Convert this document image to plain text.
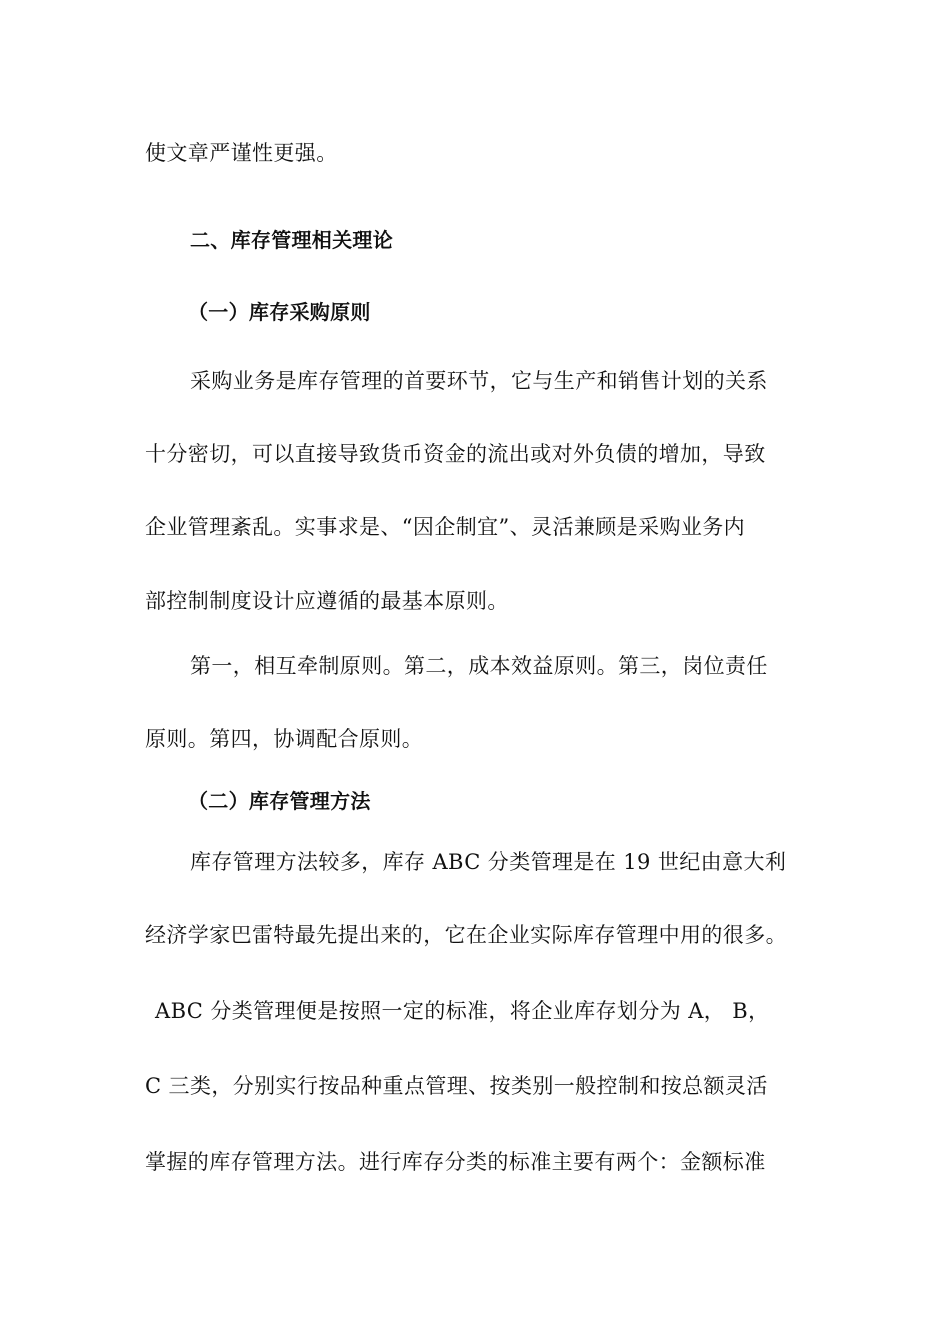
使文章严谨性更强。
二、库存管理相关理论
（一）库存采购原则
采购业务是库存管理的首要环节，它与生产和销售计划的关系
十分密切，可以直接导致货币资金的流出或对外负债的增加，导致
企业管理紊乱。实事求是、“因企制宜”、灵活兼顾是采购业务内
部控制制度设计应遵循的最基本原则。
第一，相互牵制原则。第二，成本效益原则。第三，岗位责任
原则。第四，协调配合原则。
（二）库存管理方法
库存管理方法较多，库存 ABC 分类管理是在 19 世纪由意大利
经济学家巴雷特最先提出来的，它在企业实际库存管理中用的很多。
ABC 分类管理便是按照一定的标准，将企业库存划分为 A， B，
C 三类，分别实行按品种重点管理、按类别一般控制和按总额灵活
掌握的库存管理方法。进行库存分类的标准主要有两个：金额标准
